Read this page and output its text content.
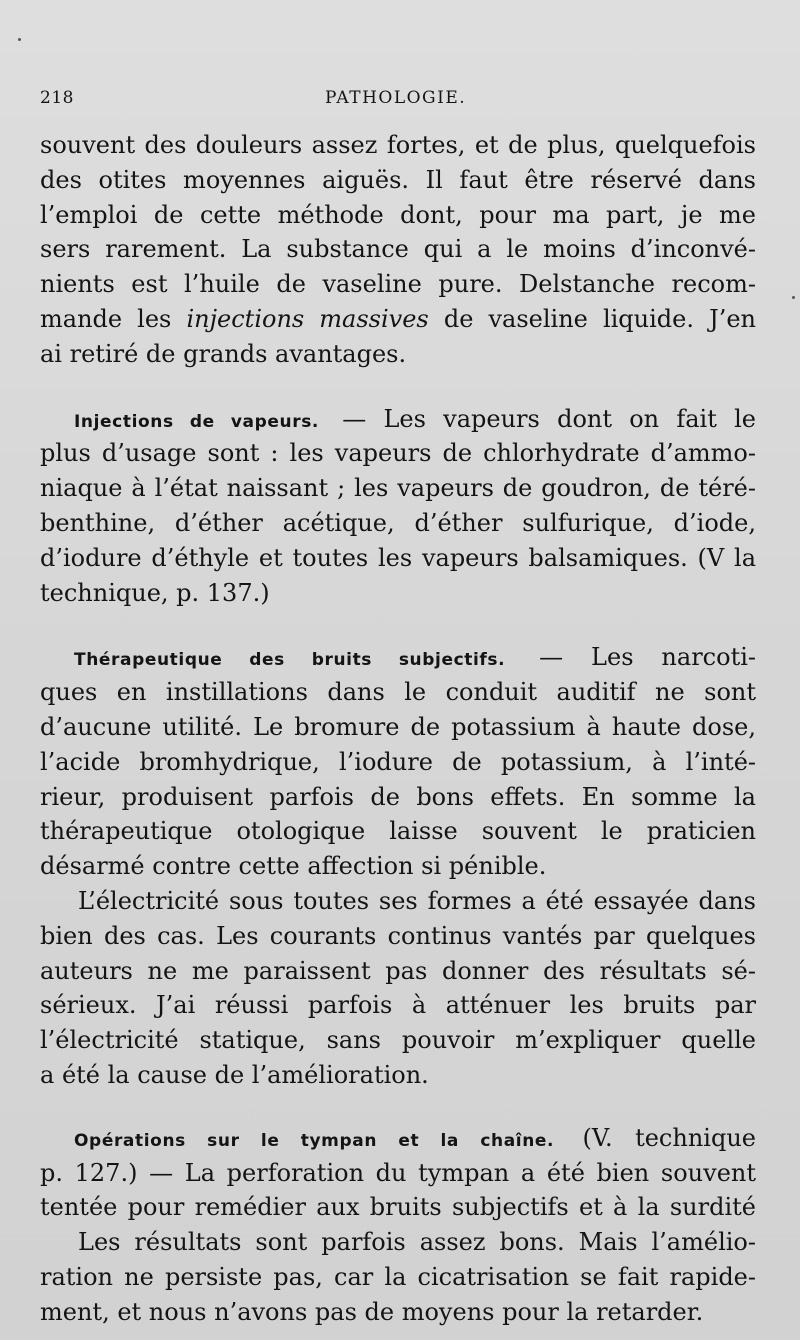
218	PATHOLOGIE.
souvent des douleurs assez fortes, et de plus, quelquefois
des otites moyennes aiguës. Il faut être réservé dans
l’emploi de cette méthode dont, pour ma part, je me
sers rarement. La substance qui a le moins d’inconvé-
nients est l’huile de vaseline pure. Delstanche recom-
mande les injections massives de vaseline liquide. J’en
ai retiré de grands avantages.
Injections de vapeurs. — Les vapeurs dont on fait le
plus d’usage sont : les vapeurs de chlorhydrate d’ammo-
niaque à l’état naissant ; les vapeurs de goudron, de téré-
benthine, d’éther acétique, d’éther sulfurique, d’iode,
d’iodure d’éthyle et toutes les vapeurs balsamiques. (V la
technique, p. 137.)
Thérapeutique des bruits subjectifs. — Les narcoti-
ques en instillations dans le conduit auditif ne sont
d’aucune utilité. Le bromure de potassium à haute dose,
l’acide bromhydrique, l’iodure de potassium, à l’inté-
rieur, produisent parfois de bons effets. En somme la
thérapeutique otologique laisse souvent le praticien
désarmé contre cette affection si pénible.
L’électricité sous toutes ses formes a été essayée dans
bien des cas. Les courants continus vantés par quelques
auteurs ne me paraissent pas donner des résultats sé-
sérieux. J’ai réussi parfois à atténuer les bruits par
l’électricité statique, sans pouvoir m’expliquer quelle
a été la cause de l’amélioration.
Opérations sur le tympan et la chaîne. (V. technique
p. 127.) — La perforation du tympan a été bien souvent
tentée pour remédier aux bruits subjectifs et à la surdité
Les résultats sont parfois assez bons. Mais l’amélio-
ration ne persiste pas, car la cicatrisation se fait rapide-
ment, et nous n’avons pas de moyens pour la retarder.
